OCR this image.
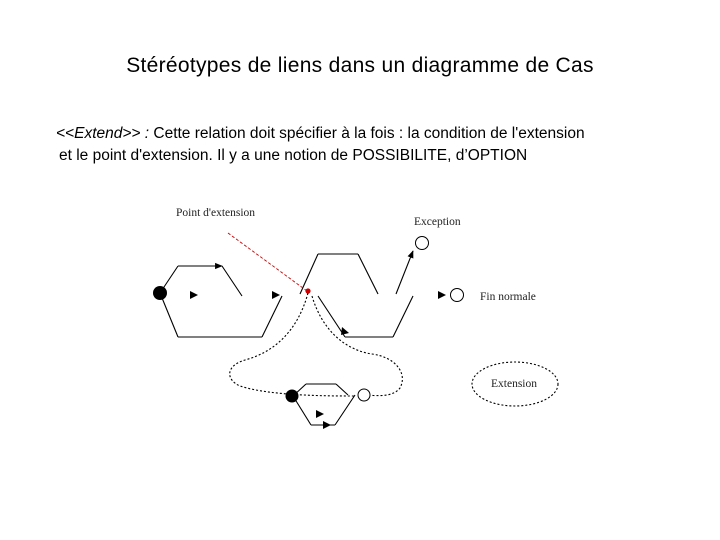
Stéréotypes de liens dans un diagramme de Cas
<<Extend>> : Cette relation doit spécifier à la fois : la condition de l'extension
et le point d'extension. Il y a une notion de POSSIBILITE, d’OPTION
Point d'extension
Exception
Fin normale
Extension
